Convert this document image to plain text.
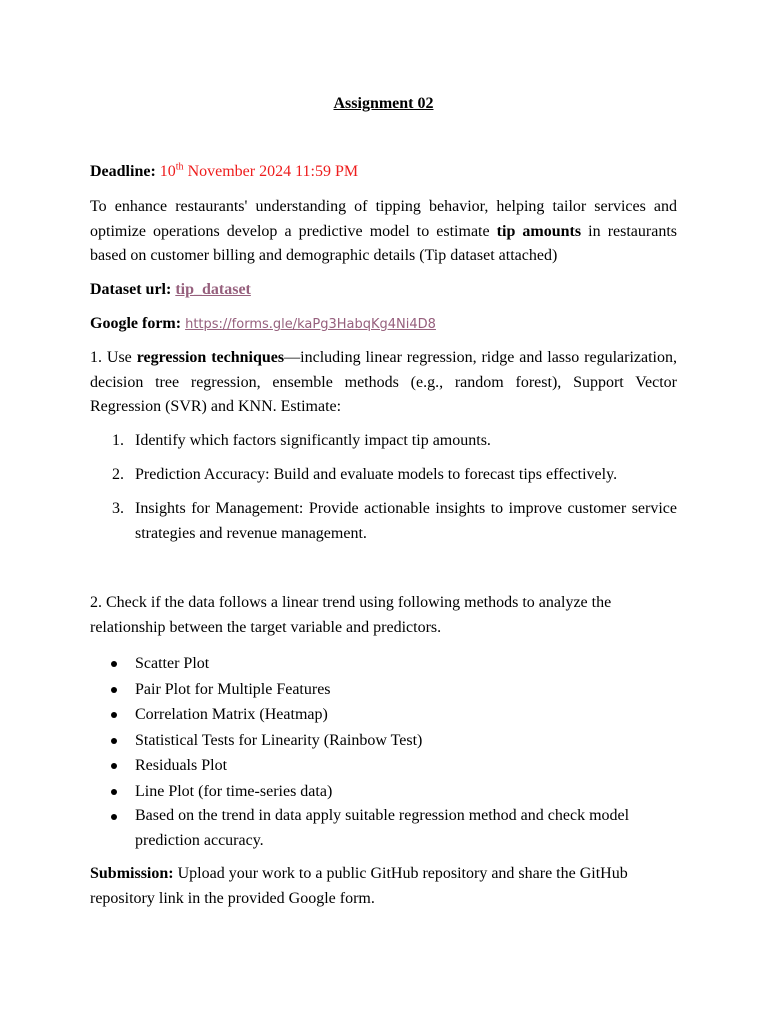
Assignment 02
Deadline: 10th November 2024 11:59 PM
To enhance restaurants' understanding of tipping behavior, helping tailor services and optimize operations develop a predictive model to estimate tip amounts in restaurants based on customer billing and demographic details (Tip dataset attached)
Dataset url: tip_dataset
Google form: https://forms.gle/kaPg3HabqKg4Ni4D8
1. Use regression techniques—including linear regression, ridge and lasso regularization, decision tree regression, ensemble methods (e.g., random forest), Support Vector Regression (SVR) and KNN. Estimate:
1. Identify which factors significantly impact tip amounts.
2. Prediction Accuracy: Build and evaluate models to forecast tips effectively.
3. Insights for Management: Provide actionable insights to improve customer service strategies and revenue management.
2. Check if the data follows a linear trend using following methods to analyze the relationship between the target variable and predictors.
Scatter Plot
Pair Plot for Multiple Features
Correlation Matrix (Heatmap)
Statistical Tests for Linearity (Rainbow Test)
Residuals Plot
Line Plot (for time-series data)
Based on the trend in data apply suitable regression method and check model prediction accuracy.
Submission: Upload your work to a public GitHub repository and share the GitHub repository link in the provided Google form.
